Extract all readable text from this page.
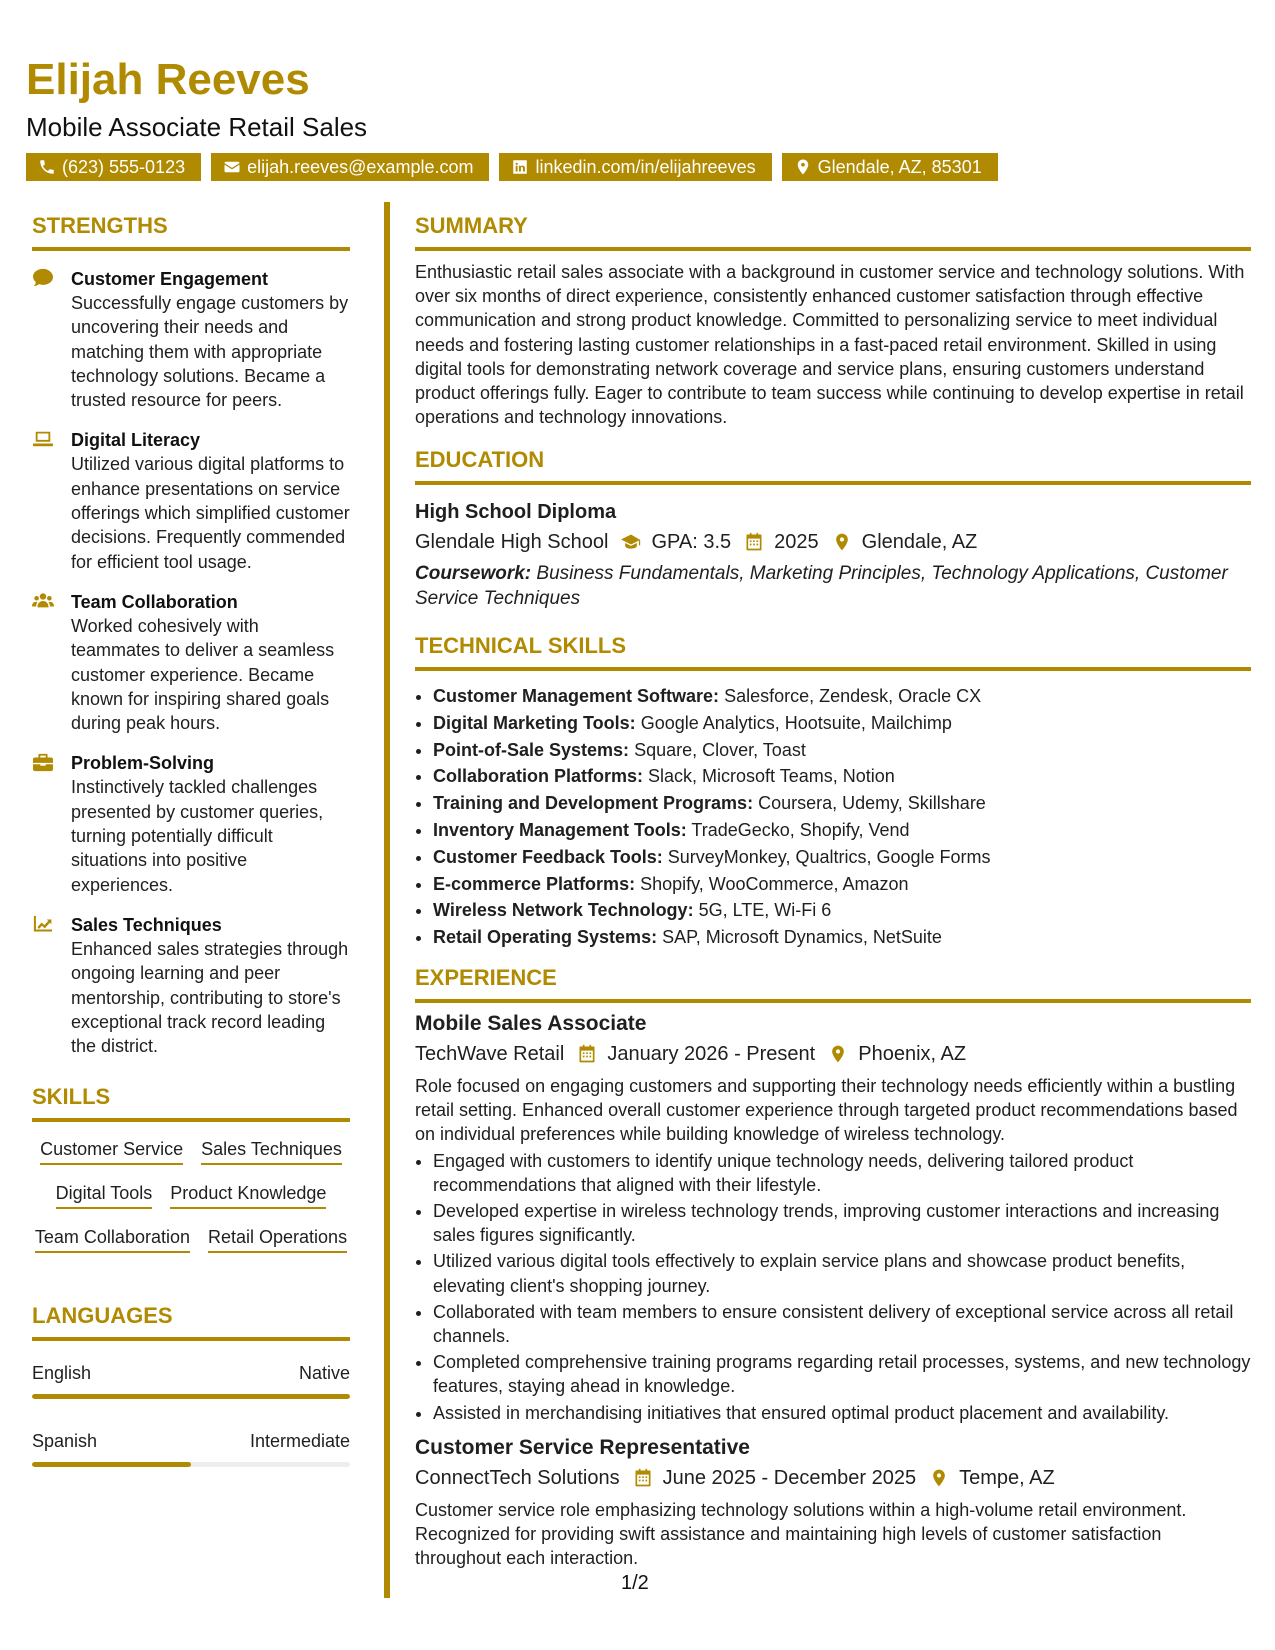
Elijah Reeves
Mobile Associate Retail Sales
(623) 555-0123	elijah.reeves@example.com	linkedin.com/in/elijahreeves	Glendale, AZ, 85301
STRENGTHS
Customer Engagement
Successfully engage customers by uncovering their needs and matching them with appropriate technology solutions. Became a trusted resource for peers.
Digital Literacy
Utilized various digital platforms to enhance presentations on service offerings which simplified customer decisions. Frequently commended for efficient tool usage.
Team Collaboration
Worked cohesively with teammates to deliver a seamless customer experience. Became known for inspiring shared goals during peak hours.
Problem-Solving
Instinctively tackled challenges presented by customer queries, turning potentially difficult situations into positive experiences.
Sales Techniques
Enhanced sales strategies through ongoing learning and peer mentorship, contributing to store's exceptional track record leading the district.
SKILLS
Customer Service Sales Techniques
Digital Tools Product Knowledge
Team Collaboration Retail Operations
LANGUAGES
English	Native
Spanish	Intermediate
SUMMARY

Enthusiastic retail sales associate with a background in customer service and technology solutions. With over six months of direct experience, consistently enhanced customer satisfaction through effective communication and strong product knowledge. Committed to personalizing service to meet individual needs and fostering lasting customer relationships in a fast-paced retail environment. Skilled in using digital tools for demonstrating network coverage and service plans, ensuring customers understand product offerings fully. Eager to contribute to team success while continuing to develop expertise in retail operations and technology innovations.

EDUCATION
High School Diploma
Glendale High School GPA: 3.5 2025 Glendale, AZ
Coursework: Business Fundamentals, Marketing Principles, Technology Applications, Customer Service Techniques
TECHNICAL SKILLS
• Customer Management Software: Salesforce, Zendesk, Oracle CX
• Digital Marketing Tools: Google Analytics, Hootsuite, Mailchimp
• Point-of-Sale Systems: Square, Clover, Toast
• Collaboration Platforms: Slack, Microsoft Teams, Notion
• Training and Development Programs: Coursera, Udemy, Skillshare
• Inventory Management Tools: TradeGecko, Shopify, Vend
• Customer Feedback Tools: SurveyMonkey, Qualtrics, Google Forms
• E-commerce Platforms: Shopify, WooCommerce, Amazon
• Wireless Network Technology: 5G, LTE, Wi-Fi 6
• Retail Operating Systems: SAP, Microsoft Dynamics, NetSuite
EXPERIENCE
Mobile Sales Associate
TechWave Retail January 2026 - Present Phoenix, AZ

Role focused on engaging customers and supporting their technology needs efficiently within a bustling retail setting. Enhanced overall customer experience through targeted product recommendations based on individual preferences while building knowledge of wireless technology.

• Engaged with customers to identify unique technology needs, delivering tailored product recommendations that aligned with their lifestyle.
• Developed expertise in wireless technology trends, improving customer interactions and increasing sales figures significantly.
• Utilized various digital tools effectively to explain service plans and showcase product benefits, elevating client's shopping journey.
• Collaborated with team members to ensure consistent delivery of exceptional service across all retail channels.
• Completed comprehensive training programs regarding retail processes, systems, and new technology features, staying ahead in knowledge.
• Assisted in merchandising initiatives that ensured optimal product placement and availability.
Customer Service Representative
ConnectTech Solutions June 2025 - December 2025 Tempe, AZ

Customer service role emphasizing technology solutions within a high-volume retail environment. Recognized for providing swift assistance and maintaining high levels of customer satisfaction throughout each interaction.

1/2
